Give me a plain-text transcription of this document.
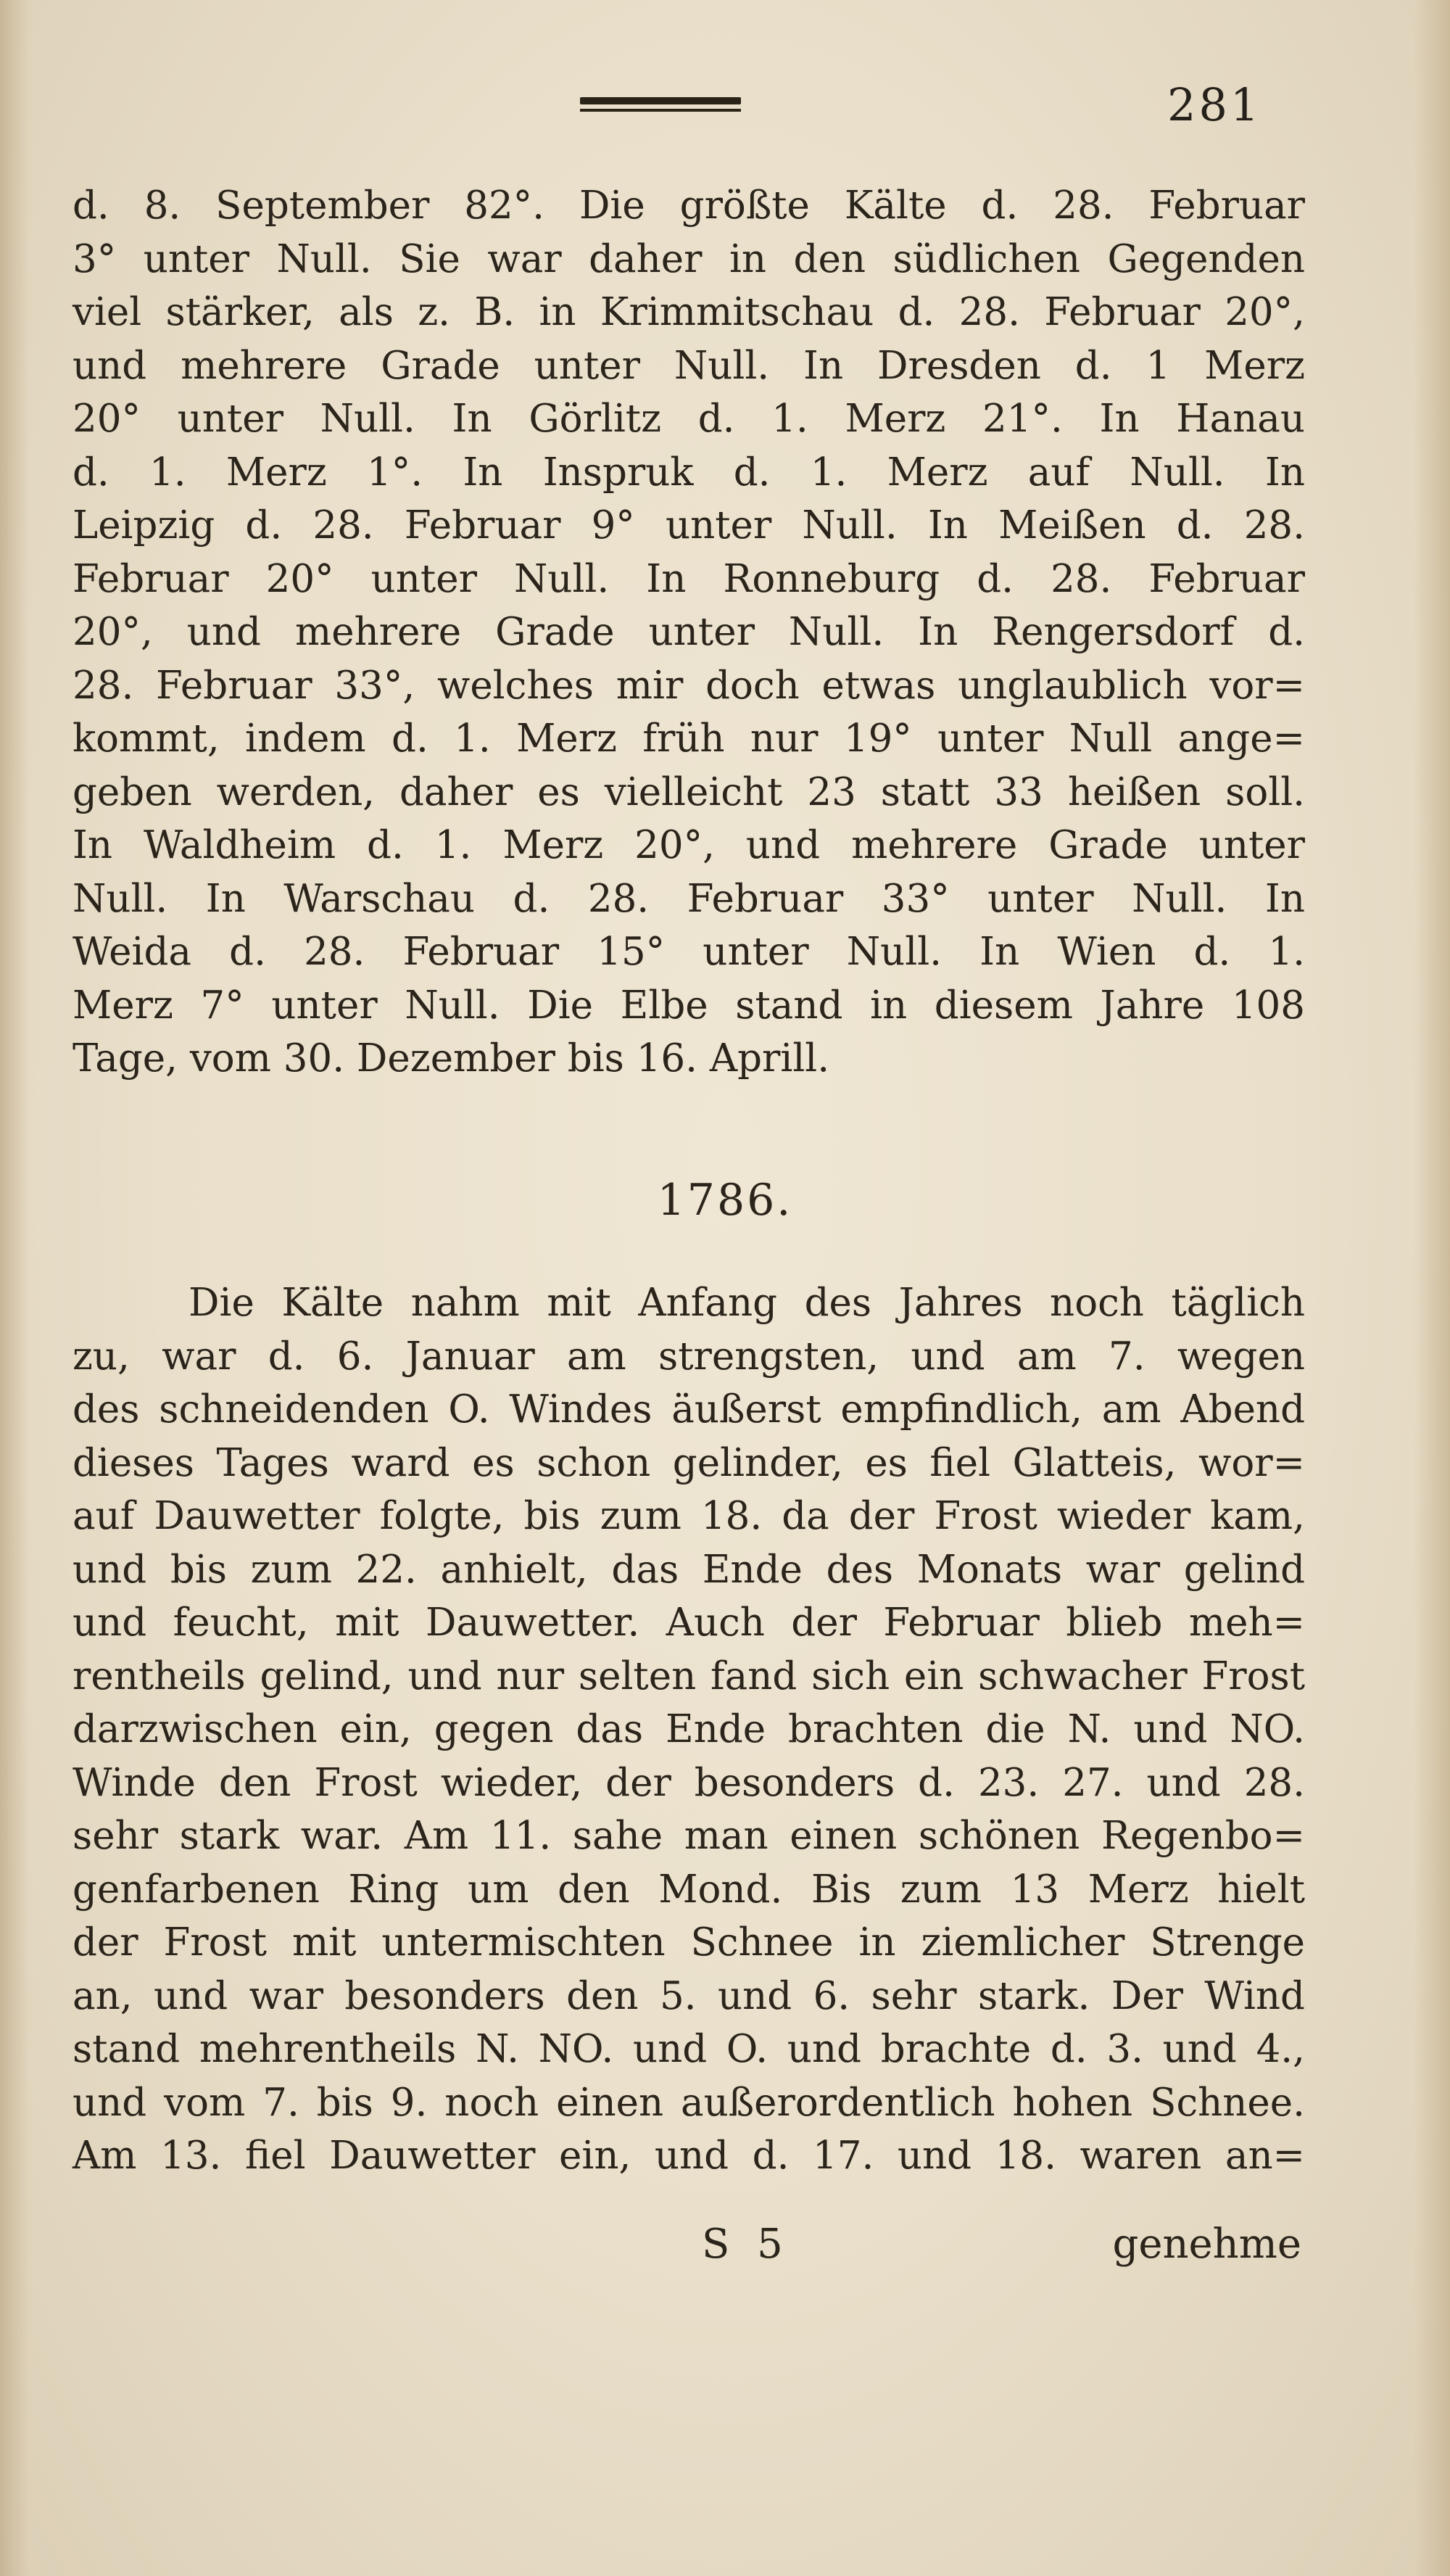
281
d. 8. September 82°. Die größte Kälte d. 28. Februar
3° unter Null. Sie war daher in den südlichen Gegenden
viel stärker, als z. B. in Krimmitschau d. 28. Februar 20°,
und mehrere Grade unter Null. In Dresden d. 1 Merz
20° unter Null. In Görlitz d. 1. Merz 21°. In Hanau
d. 1. Merz 1°. In Inspruk d. 1. Merz auf Null. In
Leipzig d. 28. Februar 9° unter Null. In Meißen d. 28.
Februar 20° unter Null. In Ronneburg d. 28. Februar
20°, und mehrere Grade unter Null. In Rengersdorf d.
28. Februar 33°, welches mir doch etwas unglaublich vor=
kommt, indem d. 1. Merz früh nur 19° unter Null ange=
geben werden, daher es vielleicht 23 statt 33 heißen soll.
In Waldheim d. 1. Merz 20°, und mehrere Grade unter
Null. In Warschau d. 28. Februar 33° unter Null. In
Weida d. 28. Februar 15° unter Null. In Wien d. 1.
Merz 7° unter Null. Die Elbe stand in diesem Jahre 108
Tage, vom 30. Dezember bis 16. Aprill.
1786.
Die Kälte nahm mit Anfang des Jahres noch täglich
zu, war d. 6. Januar am strengsten, und am 7. wegen
des schneidenden O. Windes äußerst empfindlich, am Abend
dieses Tages ward es schon gelinder, es fiel Glatteis, wor=
auf Dauwetter folgte, bis zum 18. da der Frost wieder kam,
und bis zum 22. anhielt, das Ende des Monats war gelind
und feucht, mit Dauwetter. Auch der Februar blieb meh=
rentheils gelind, und nur selten fand sich ein schwacher Frost
darzwischen ein, gegen das Ende brachten die N. und NO.
Winde den Frost wieder, der besonders d. 23. 27. und 28.
sehr stark war. Am 11. sahe man einen schönen Regenbo=
genfarbenen Ring um den Mond. Bis zum 13 Merz hielt
der Frost mit untermischten Schnee in ziemlicher Strenge
an, und war besonders den 5. und 6. sehr stark. Der Wind
stand mehrentheils N. NO. und O. und brachte d. 3. und 4.,
und vom 7. bis 9. noch einen außerordentlich hohen Schnee.
Am 13. fiel Dauwetter ein, und d. 17. und 18. waren an=
S 5	genehme
